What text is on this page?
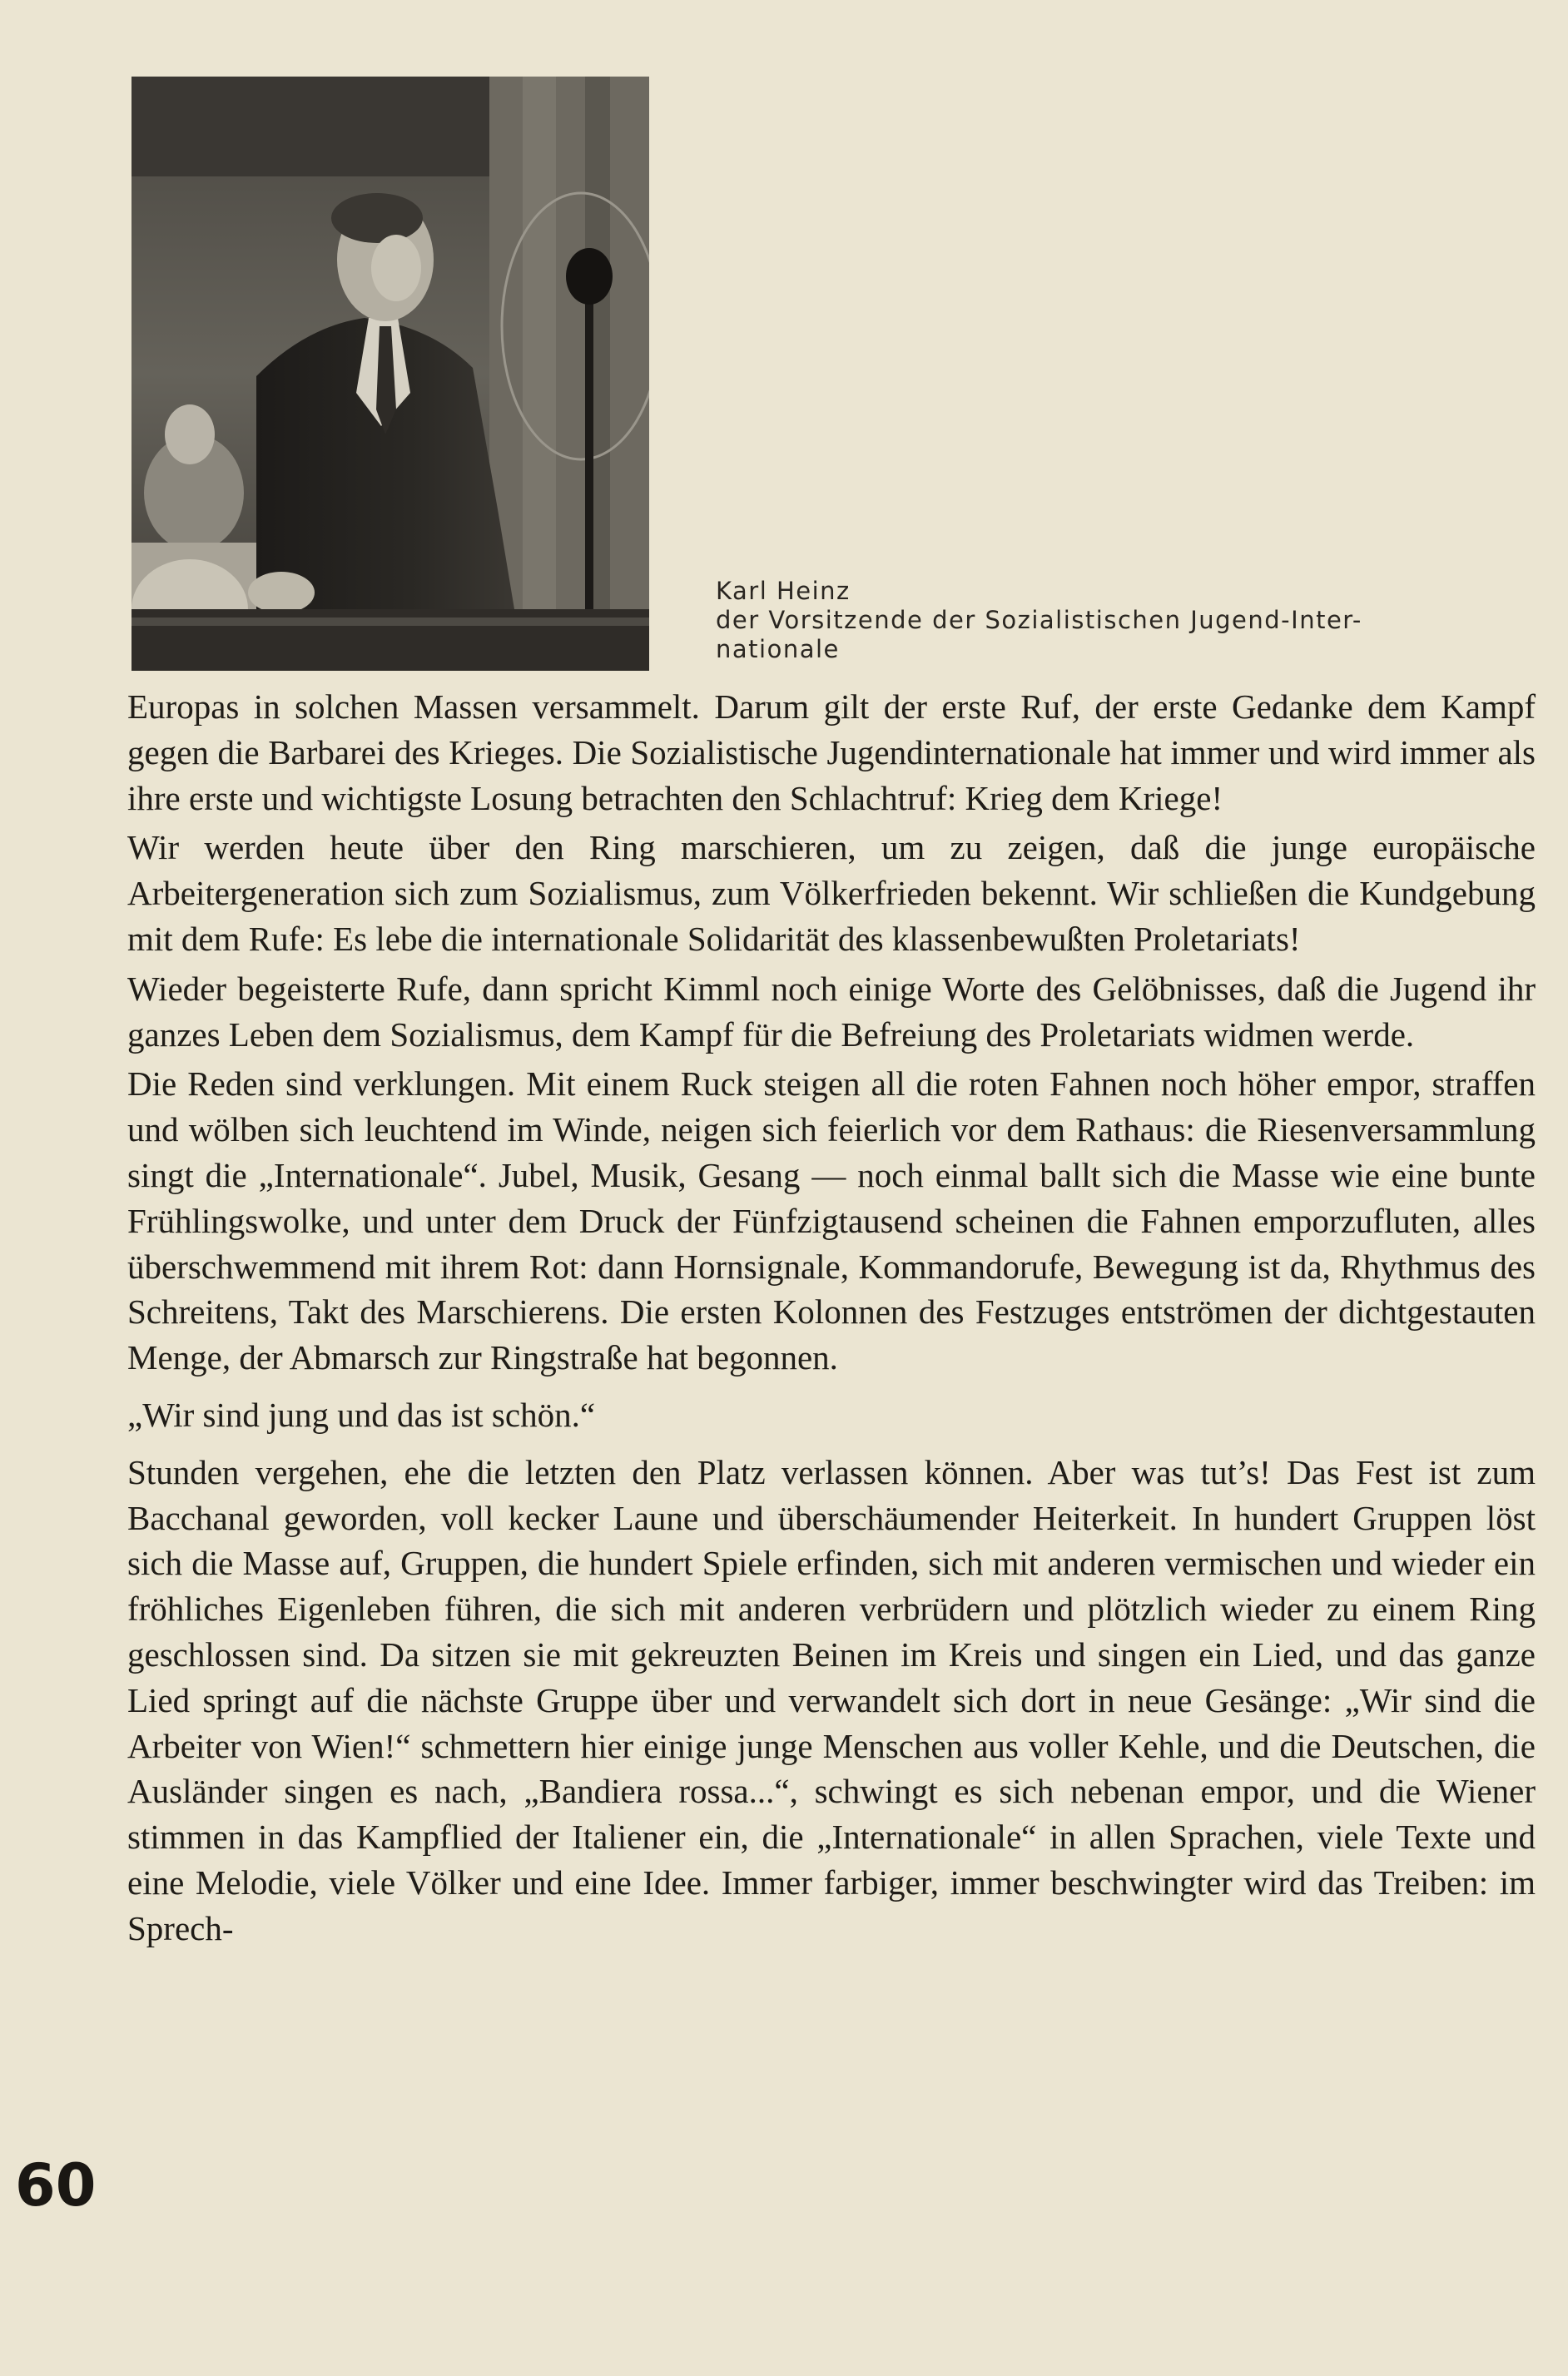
Karl Heinz
der Vorsitzende der Sozialistischen Jugend-Inter-
nationale

Europas in solchen Massen versammelt. Darum gilt der erste Ruf, der erste Gedanke dem Kampf gegen die Barbarei des Krieges. Die Sozialistische Jugendinternationale hat immer und wird immer als ihre erste und wichtigste Losung betrachten den Schlachtruf: Krieg dem Kriege!

Wir werden heute über den Ring marschieren, um zu zeigen, daß die junge europäische Arbeitergeneration sich zum Sozialismus, zum Völkerfrieden bekennt. Wir schließen die Kundgebung mit dem Rufe: Es lebe die internationale Solidarität des klassenbewußten Proletariats!

Wieder begeisterte Rufe, dann spricht Kimml noch einige Worte des Gelöbnisses, daß die Jugend ihr ganzes Leben dem Sozialismus, dem Kampf für die Befreiung des Proletariats widmen werde.

Die Reden sind verklungen. Mit einem Ruck steigen all die roten Fahnen noch höher empor, straffen und wölben sich leuchtend im Winde, neigen sich feierlich vor dem Rathaus: die Riesenversammlung singt die „Internationale“. Jubel, Musik, Gesang — noch einmal ballt sich die Masse wie eine bunte Frühlingswolke, und unter dem Druck der Fünfzigtausend scheinen die Fahnen emporzufluten, alles überschwemmend mit ihrem Rot: dann Hornsignale, Kommandorufe, Bewegung ist da, Rhythmus des Schreitens, Takt des Marschierens. Die ersten Kolonnen des Festzuges entströmen der dichtgestauten Menge, der Abmarsch zur Ringstraße hat begonnen.

„Wir sind jung und das ist schön.“

Stunden vergehen, ehe die letzten den Platz verlassen können. Aber was tut’s! Das Fest ist zum Bacchanal geworden, voll kecker Laune und überschäumender Heiterkeit. In hundert Gruppen löst sich die Masse auf, Gruppen, die hundert Spiele erfinden, sich mit anderen vermischen und wieder ein fröhliches Eigenleben führen, die sich mit anderen verbrüdern und plötzlich wieder zu einem Ring geschlossen sind. Da sitzen sie mit gekreuzten Beinen im Kreis und singen ein Lied, und das ganze Lied springt auf die nächste Gruppe über und verwandelt sich dort in neue Gesänge: „Wir sind die Arbeiter von Wien!“ schmettern hier einige junge Menschen aus voller Kehle, und die Deutschen, die Ausländer singen es nach, „Bandiera rossa...“, schwingt es sich nebenan empor, und die Wiener stimmen in das Kampflied der Italiener ein, die „Internationale“ in allen Sprachen, viele Texte und eine Melodie, viele Völker und eine Idee. Immer farbiger, immer beschwingter wird das Treiben: im Sprech-

60
